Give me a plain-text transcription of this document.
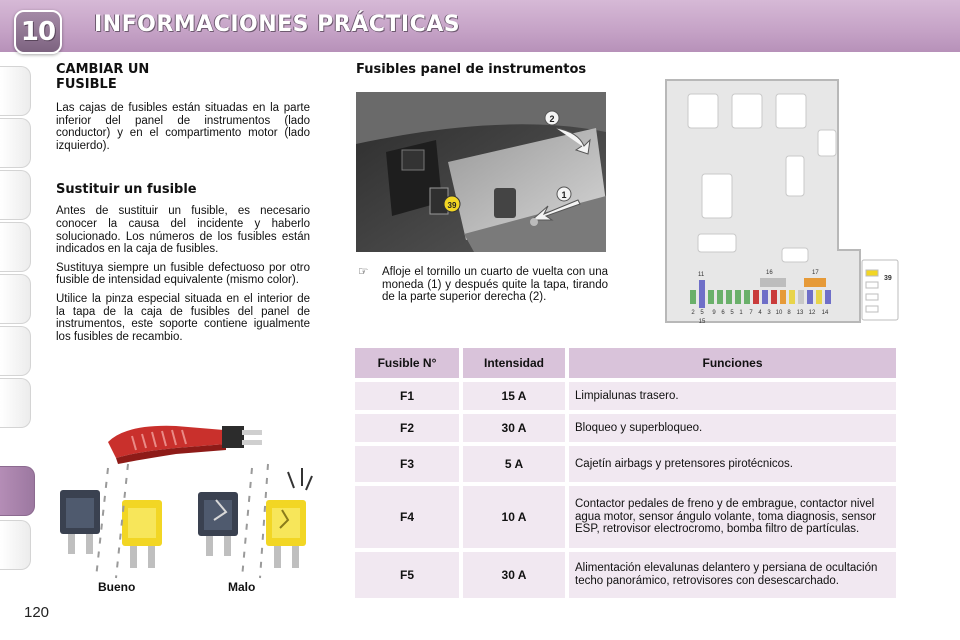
10 INFORMACIONES PRÁCTICAS
CAMBIAR UN
FUSIBLE

Las cajas de fusibles están situadas en la parte inferior del panel de instrumentos (lado conductor) y en el compartimento motor (lado izquierdo).

Sustituir un fusible

Antes de sustituir un fusible, es necesario conocer la causa del incidente y haberlo solucionado. Los números de los fusibles están indicados en la caja de fusibles.

Sustituya siempre un fusible defectuoso por otro fusible de intensidad equivalente (mismo color).

Utilice la pinza especial situada en el interior de la tapa de la caja de fusibles del panel de instrumentos, este soporte contiene igualmente los fusibles de recambio.

Bueno	Malo
Fusibles panel de instrumentos
2
1
39
☞ Afloje el tornillo un cuarto de vuelta con una moneda (1) y después quite la tapa, tirando de la parte superior derecha (2).
39
11	16	17
2 5 9 6 5 1 7 4 3 10 8 13 12 14
15
Fusible N°	Intensidad	Funciones
F1	15 A	Limpialunas trasero.
F2	30 A	Bloqueo y superbloqueo.
F3	5 A	Cajetín airbags y pretensores pirotécnicos.
F4	10 A	Contactor pedales de freno y de embrague, contactor nivel agua motor, sensor ángulo volante, toma diagnosis, sensor ESP, retrovisor electrocromo, bomba filtro de partículas.
F5	30 A	Alimentación elevalunas delantero y persiana de ocultación techo panorámico, retrovisores con desescarchado.
120
